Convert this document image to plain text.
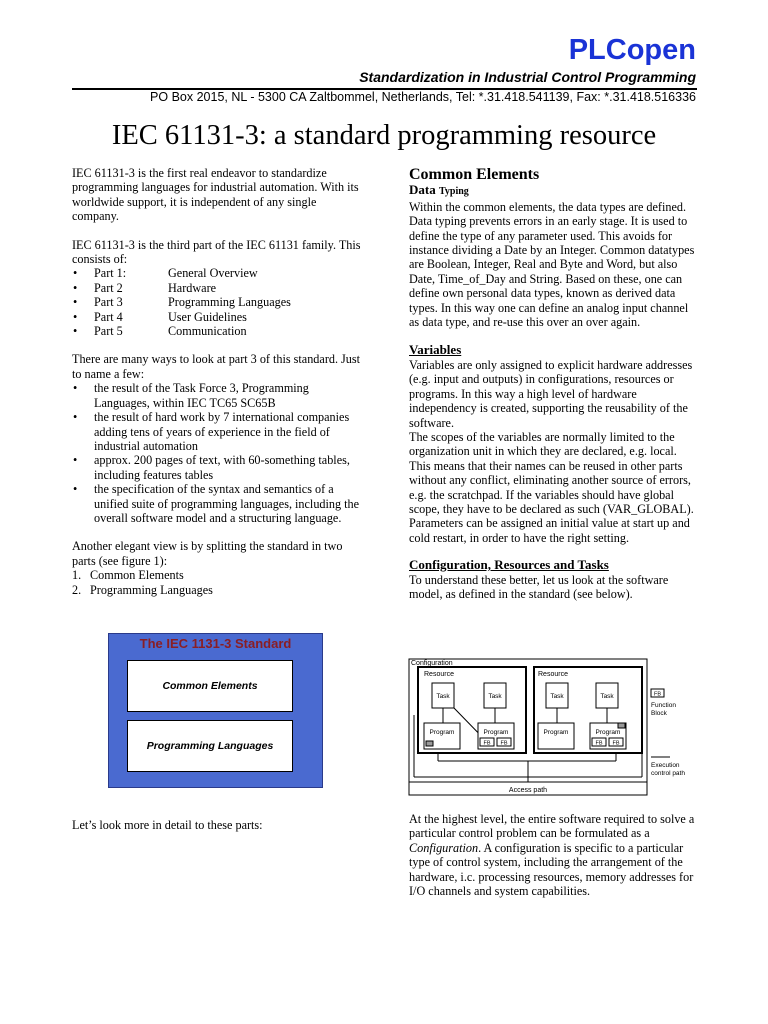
PLCopen
Standardization in Industrial Control Programming
PO Box 2015, NL - 5300 CA Zaltbommel, Netherlands, Tel: *.31.418.541139, Fax: *.31.418.516336
IEC 61131-3: a standard programming resource

IEC 61131-3 is the first real endeavor to standardize programming languages for industrial automation. With its worldwide support, it is independent of any single company.

IEC 61131-3 is the third part of the IEC 61131 family. This consists of:

• Part 1:	General Overview
• Part 2	Hardware
• Part 3	Programming Languages
• Part 4	User Guidelines
• Part 5	Communication

There are many ways to look at part 3 of this standard. Just to name a few:

• the result of the Task Force 3, Programming Languages, within IEC TC65 SC65B
• the result of hard work by 7 international companies adding tens of years of experience in the field of industrial automation
• approx. 200 pages of text, with 60-something tables, including features tables
• the specification of the syntax and semantics of a unified suite of programming languages, including the overall software model and a structuring language.

Another elegant view is by splitting the standard in two parts (see figure 1):

1. Common Elements
2. Programming Languages
The IEC 1131-3 Standard
Common Elements
Programming Languages
Let’s look more in detail to these parts:
Common Elements
Data Typing

Within the common elements, the data types are defined. Data typing prevents errors in an early stage. It is used to define the type of any parameter used. This avoids for instance dividing a Date by an Integer. Common datatypes are Boolean, Integer, Real and Byte and Word, but also Date, Time_of_Day and String. Based on these, one can define own personal data types, known as derived data types. In this way one can define an analog input channel as data type, and re-use this over an over again.

Variables

Variables are only assigned to explicit hardware addresses (e.g. input and outputs) in configurations, resources or programs. In this way a high level of hardware independency is created, supporting the reusability of the software.

The scopes of the variables are normally limited to the organization unit in which they are declared, e.g. local. This means that their names can be reused in other parts without any conflict, eliminating another source of errors, e.g. the scratchpad. If the variables should have global scope, they have to be declared as such (VAR_GLOBAL). Parameters can be assigned an initial value at start up and cold restart, in order to have the right setting.

Configuration, Resources and Tasks

To understand these better, let us look at the software model, as defined in the standard (see below).

Configuration
Access path
Resource	Resource
Task	Task	Task	Task
Program	Program
FB FB
Program	Program
FB FB
FB
Function
Block
Execution
control path
At the highest level, the entire software required to solve a particular control problem can be formulated as a Configuration. A configuration is specific to a particular type of control system, including the arrangement of the hardware, i.c. processing resources, memory addresses for I/O channels and system capabilities.
